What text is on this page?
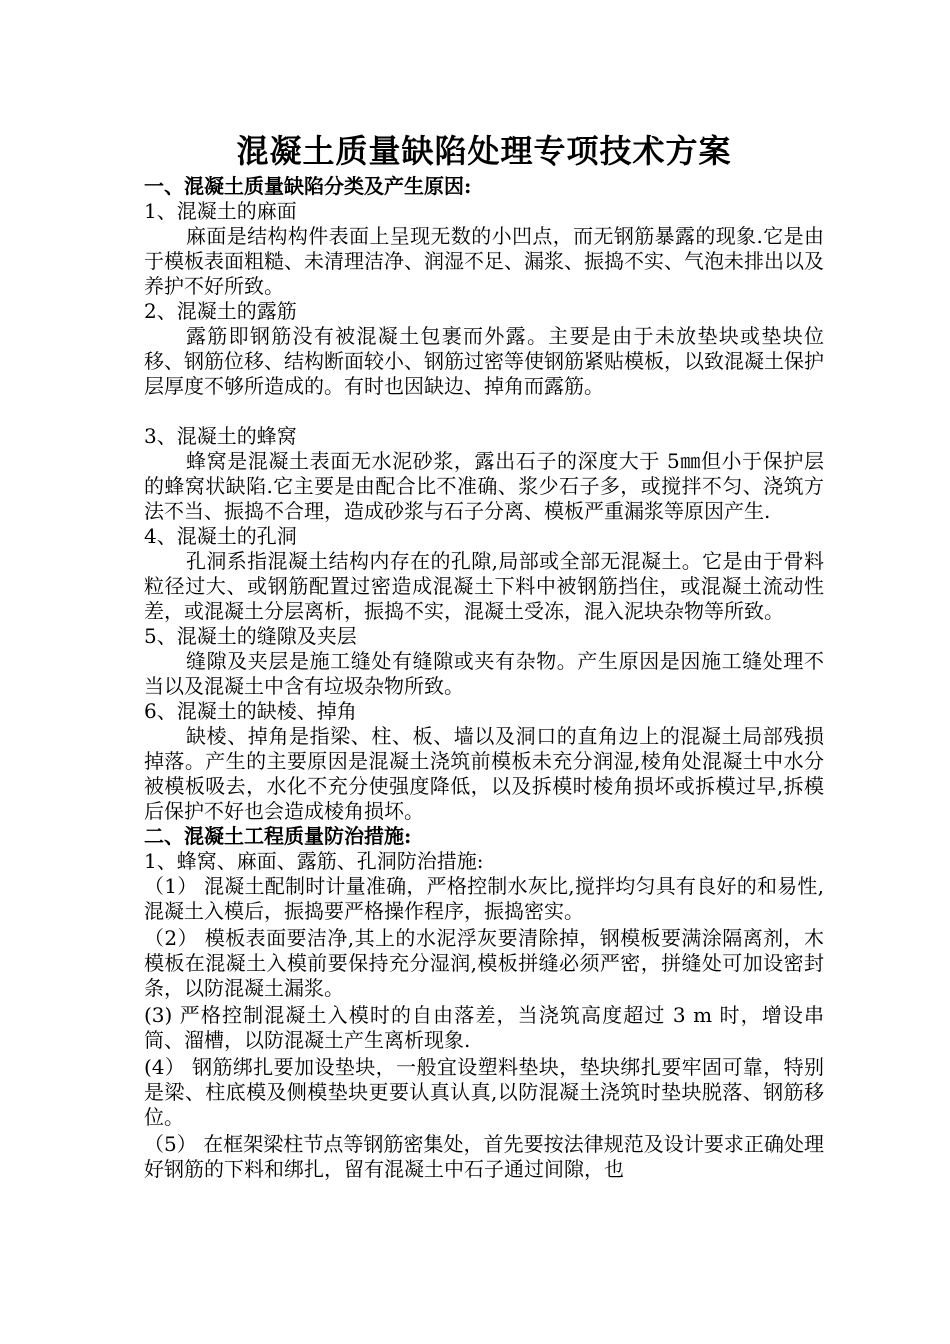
混凝土质量缺陷处理专项技术方案

一、混凝土质量缺陷分类及产生原因:

1、混凝土的麻面

麻面是结构构件表面上呈现无数的小凹点，而无钢筋暴露的现象.它是由于模板表面粗糙、未清理洁净、润湿不足、漏浆、振捣不实、气泡未排出以及养护不好所致。

2、混凝土的露筋

露筋即钢筋没有被混凝土包裹而外露。主要是由于未放垫块或垫块位移、钢筋位移、结构断面较小、钢筋过密等使钢筋紧贴模板，以致混凝土保护层厚度不够所造成的。有时也因缺边、掉角而露筋。

3、混凝土的蜂窝

蜂窝是混凝土表面无水泥砂浆，露出石子的深度大于 5㎜但小于保护层的蜂窝状缺陷.它主要是由配合比不准确、浆少石子多，或搅拌不匀、浇筑方法不当、振捣不合理，造成砂浆与石子分离、模板严重漏浆等原因产生.

4、混凝土的孔洞

孔洞系指混凝土结构内存在的孔隙,局部或全部无混凝土。它是由于骨料粒径过大、或钢筋配置过密造成混凝土下料中被钢筋挡住，或混凝土流动性差，或混凝土分层离析，振捣不实，混凝土受冻，混入泥块杂物等所致。

5、混凝土的缝隙及夹层

缝隙及夹层是施工缝处有缝隙或夹有杂物。产生原因是因施工缝处理不当以及混凝土中含有垃圾杂物所致。

6、混凝土的缺棱、掉角

缺棱、掉角是指梁、柱、板、墙以及洞口的直角边上的混凝土局部残损掉落。产生的主要原因是混凝土浇筑前模板未充分润湿,棱角处混凝土中水分被模板吸去，水化不充分使强度降低，以及拆模时棱角损坏或拆模过早,拆模后保护不好也会造成棱角损坏。

二、混凝土工程质量防治措施:

1、蜂窝、麻面、露筋、孔洞防治措施:

（1） 混凝土配制时计量准确，严格控制水灰比,搅拌均匀具有良好的和易性,混凝土入模后，振捣要严格操作程序，振捣密实。

（2） 模板表面要洁净,其上的水泥浮灰要清除掉，钢模板要满涂隔离剂，木模板在混凝土入模前要保持充分湿润,模板拼缝必须严密，拼缝处可加设密封条，以防混凝土漏浆。

(3) 严格控制混凝土入模时的自由落差，当浇筑高度超过 3 m 时，增设串筒、溜槽，以防混凝土产生离析现象.

(4） 钢筋绑扎要加设垫块，一般宜设塑料垫块，垫块绑扎要牢固可靠，特别是梁、柱底模及侧模垫块更要认真认真,以防混凝土浇筑时垫块脱落、钢筋移位。

（5） 在框架梁柱节点等钢筋密集处，首先要按法律规范及设计要求正确处理好钢筋的下料和绑扎，留有混凝土中石子通过间隙，也
